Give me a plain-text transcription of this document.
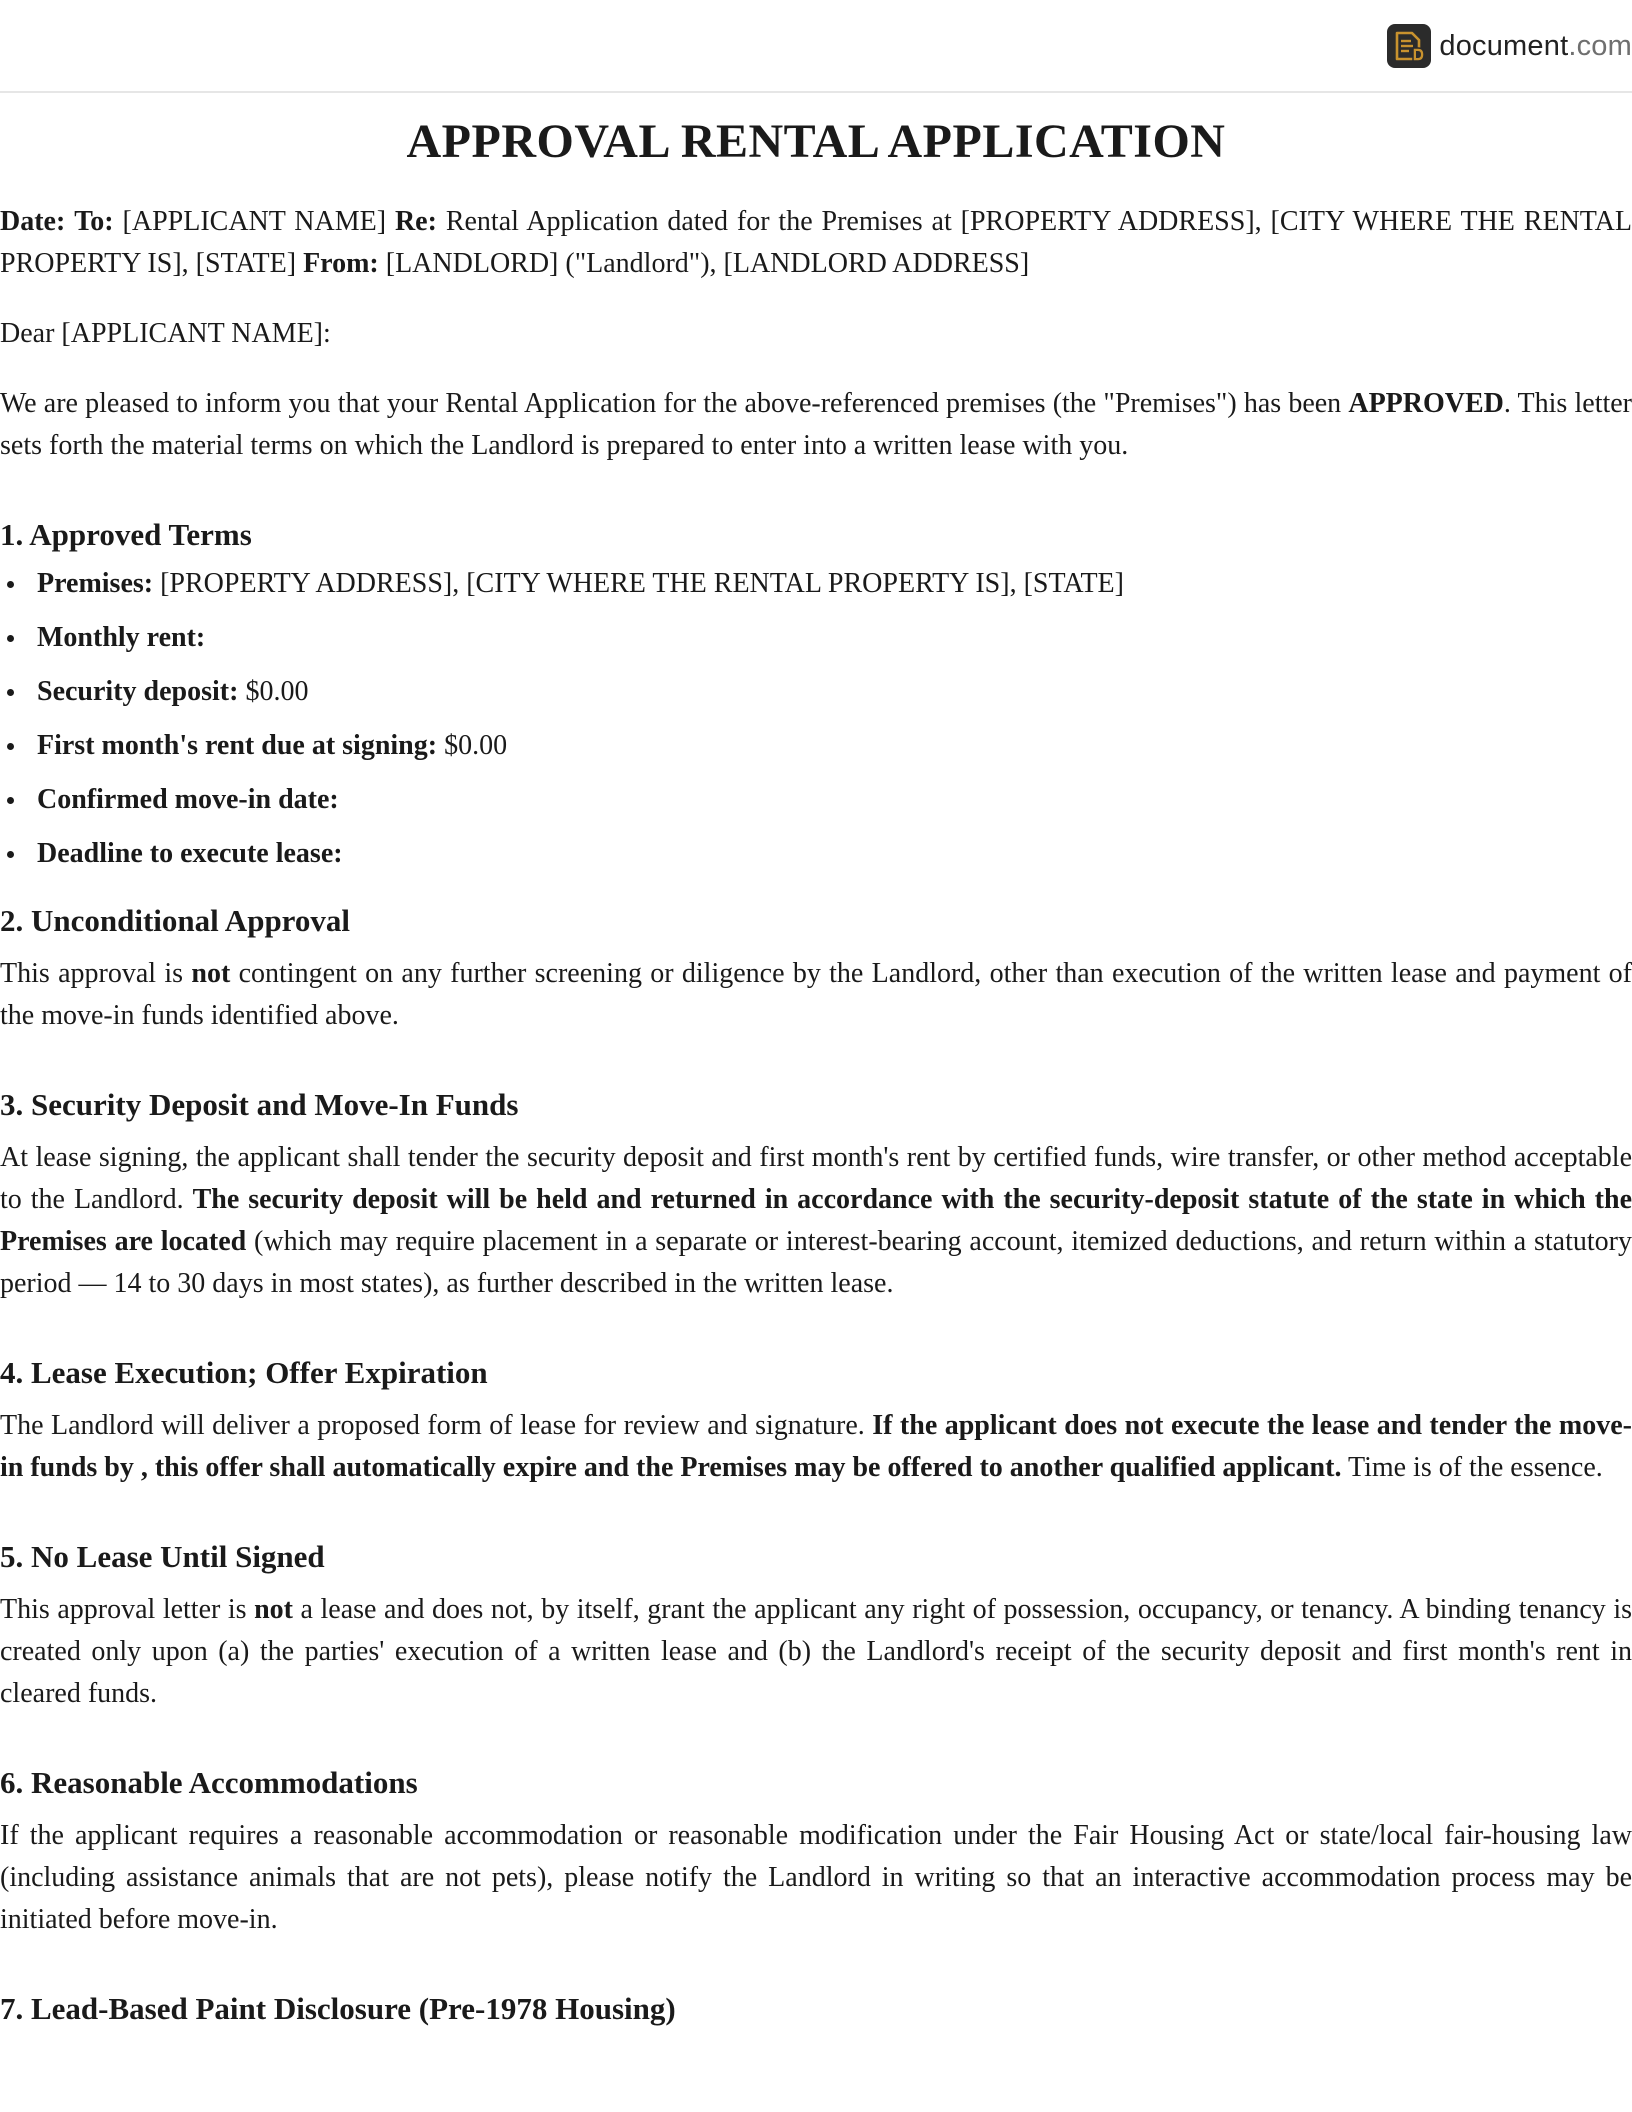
document.com
APPROVAL RENTAL APPLICATION

Date: To: [APPLICANT NAME] Re: Rental Application dated for the Premises at [PROPERTY ADDRESS], [CITY WHERE THE RENTAL PROPERTY IS], [STATE] From: [LANDLORD] ("Landlord"), [LANDLORD ADDRESS]

Dear [APPLICANT NAME]:

We are pleased to inform you that your Rental Application for the above-referenced premises (the "Premises") has been APPROVED. This letter sets forth the material terms on which the Landlord is prepared to enter into a written lease with you.

1. Approved Terms
Premises: [PROPERTY ADDRESS], [CITY WHERE THE RENTAL PROPERTY IS], [STATE]
Monthly rent:
Security deposit: $0.00
First month's rent due at signing: $0.00
Confirmed move-in date:
Deadline to execute lease:
2. Unconditional Approval

This approval is not contingent on any further screening or diligence by the Landlord, other than execution of the written lease and payment of the move-in funds identified above.

3. Security Deposit and Move-In Funds

At lease signing, the applicant shall tender the security deposit and first month's rent by certified funds, wire transfer, or other method acceptable to the Landlord. The security deposit will be held and returned in accordance with the security-deposit statute of the state in which the Premises are located (which may require placement in a separate or interest-bearing account, itemized deductions, and return within a statutory period — 14 to 30 days in most states), as further described in the written lease.

4. Lease Execution; Offer Expiration

The Landlord will deliver a proposed form of lease for review and signature. If the applicant does not execute the lease and tender the move-in funds by , this offer shall automatically expire and the Premises may be offered to another qualified applicant. Time is of the essence.

5. No Lease Until Signed

This approval letter is not a lease and does not, by itself, grant the applicant any right of possession, occupancy, or tenancy. A binding tenancy is created only upon (a) the parties' execution of a written lease and (b) the Landlord's receipt of the security deposit and first month's rent in cleared funds.

6. Reasonable Accommodations

If the applicant requires a reasonable accommodation or reasonable modification under the Fair Housing Act or state/local fair-housing law (including assistance animals that are not pets), please notify the Landlord in writing so that an interactive accommodation process may be initiated before move-in.

7. Lead-Based Paint Disclosure (Pre-1978 Housing)
